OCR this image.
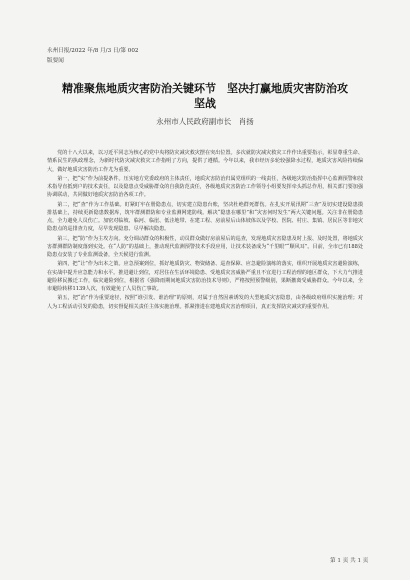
永州日报/2022 年/8 月/3 日/第 002
版要闻
精准聚焦地质灾害防治关键环节　坚决打赢地质灾害防治攻
坚战
永州市人民政府副市长　肖扬

党的十八大以来，以习近平同志为核心的党中央将防灾减灾救灾摆在突出位置。多次就防灾减灾救灾工作作出重要指示，彰显尊重生命、情系民生的执政理念，为新时代防灾减灾救灾工作指明了方向，提供了遵循。今年以来，我市经历多轮较强降水过程，地质灾害风险持续偏大，做好地质灾害防治工作尤为重要。

第一，把“实”作为前提条件。压实地方党委政府的主体责任，地质灾害防治归属党组织的一线责任，各级地灾防治指挥中心监测预警和技术指导直抵到户的技术责任，以及隐患点受威胁群众的自我防范责任，各级地质灾害防治工作领导小组要发挥牵头抓总作用，相关部门要加强协调联动，共同做好地质灾害防治各项工作。

第二，把“查”作为工作基础。盯紧盯牢在册隐患点，切实建立隐患台账，坚决杜绝群死群伤。在扎实开展汛期“三查”及切实建设隐患摸排基础上，持续更新隐患数据库，筑牢群测群防和专业监测网建防线。解决“隐患在哪里”和“灾害何时发生”两大关键问题。关注非在册隐患点，全力避免人员伤亡。加密对临坡、临河、临崖、低洼地带、在建工程、房前屋后山体坡体以及学校、医院、村庄、集镇、居民区等非地灾隐患点的巡排查力度，尽早发现隐患、尽早解决隐患。

第三，把“防”作为主攻方向。充分调动群众的积极性，动员群众做好房前屋后的巡查，发现地质灾害隐患及时上报、及时处置，将地质灾害群测群防制度落到实处。在“人防”的基础上，推动现代监测预警技术手段应用，让技术装备成为“千里眼”“顺风耳”。目前，全市已有188处隐患点安装了专业监测设备，全天候进行监测。

第四，把“让”作为出本之策。应急预案到位，抓好地质防灾、物资储备、巡查保障、应急避险演练的落实，组织开展地质灾害避险演练，在实战中提升应急能力和水平。推进避让到位，对居住在生活环境隐患、受地质灾害威胁严重且不宜进行工程治理的地区群众，下大力气推进避险移民搬迁工作，临灾避险到位，根据省《强降雨期间地质灾害防治技术导则》，严格按照预警级别，果断撤离受威胁群众。今年以来，全市避险转移1139人次，有效避免了人员伤亡事故。

第五，把“治”作为重要途径，按照“谁引发、谁治理”的原则，对属于自然因素诱发的大型地质灾害隐患，由各级政府组织实施治理；对人为工程活动引发的隐患，切实督促相关责任主体实施治理。抓紧推进在建地质灾害治理项目，真正发挥防灾减灾的重要作用。

第 1 页 共 1 页
